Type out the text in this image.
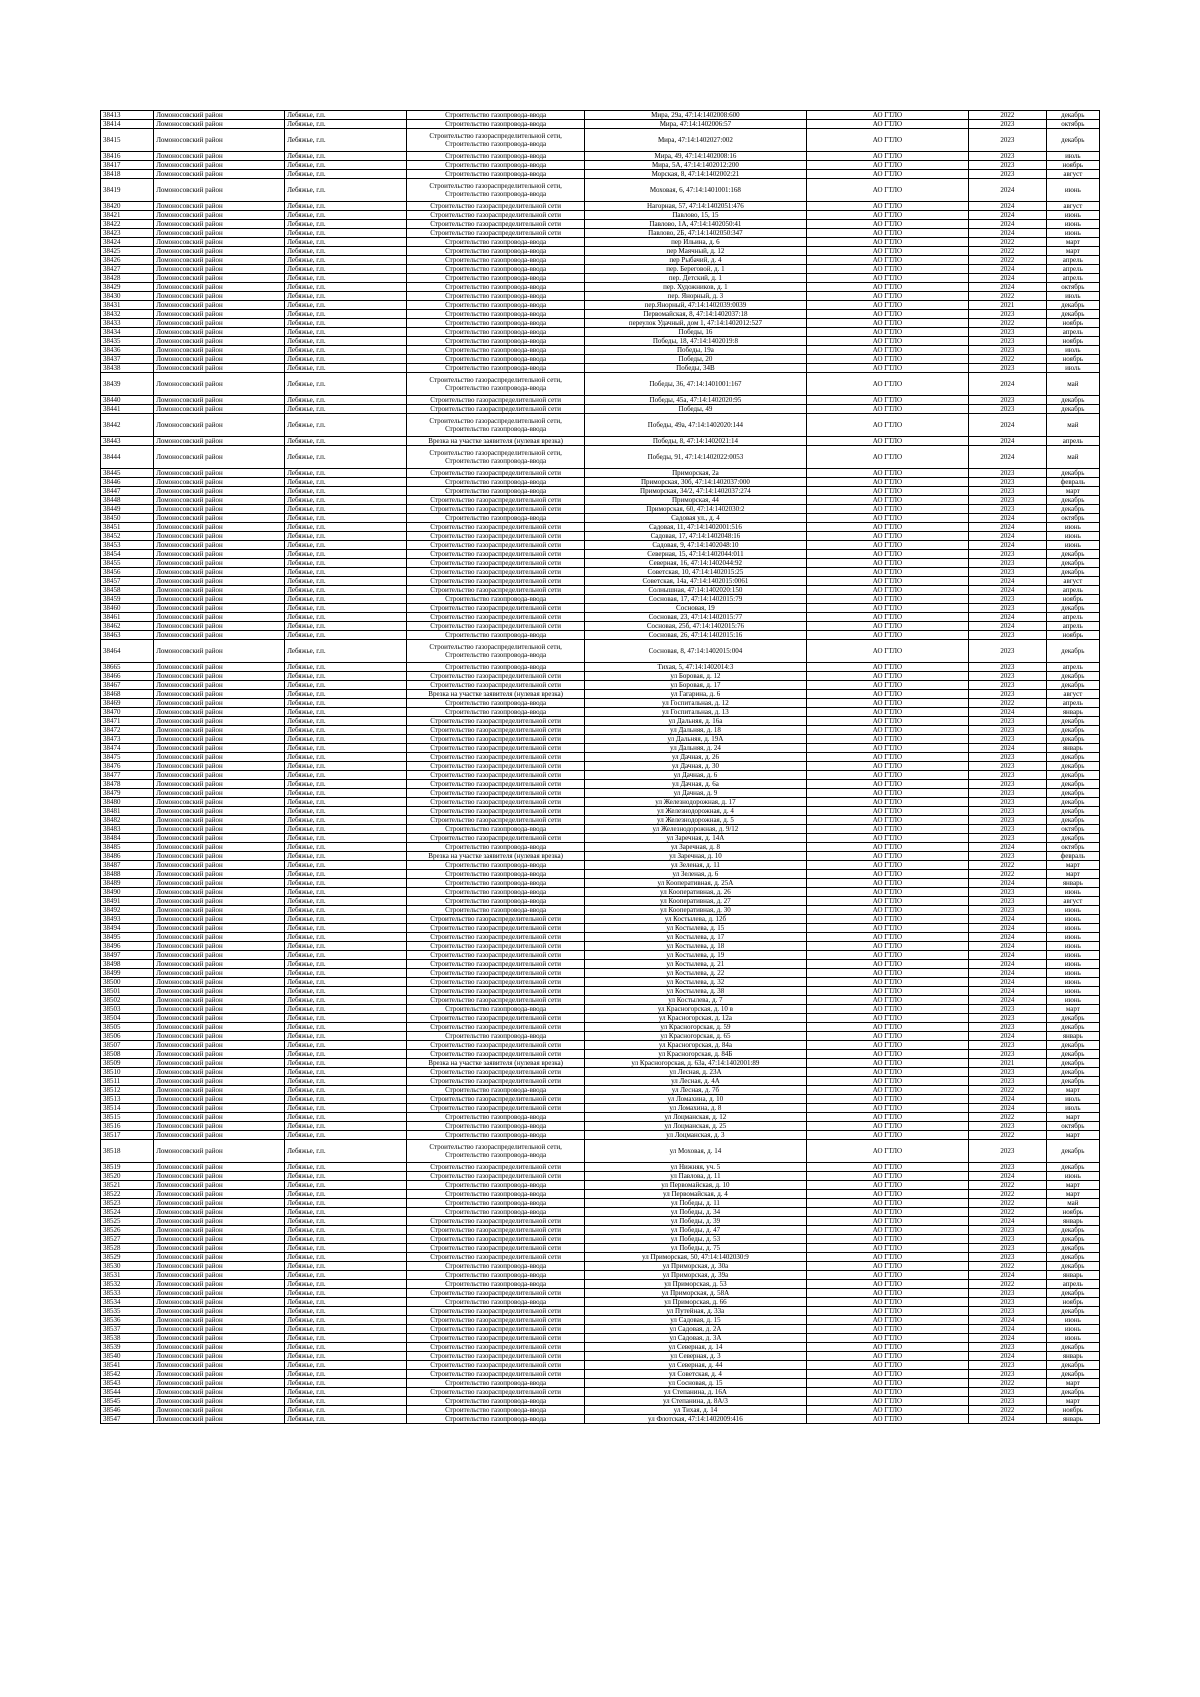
38413	Ломоносовский район	Лебяжье, г.п.	Строительство газопровода-ввода	Мира, 29а, 47:14:1402008:600	АО ГТЛО	2022	декабрь
38414	Ломоносовский район	Лебяжье, г.п.	Строительство газопровода-ввода	Мира, 47:14:1402006:57	АО ГТЛО	2023	октябрь
38415	Ломоносовский район	Лебяжье, г.п.	Строительство газораспределительной сети, Строительство газопровода-ввода	Мира, 47:14:1402027:002	АО ГТЛО	2023	декабрь
38416	Ломоносовский район	Лебяжье, г.п.	Строительство газопровода-ввода	Мира, 49, 47:14:1402008:16	АО ГТЛО	2023	июль
38417	Ломоносовский район	Лебяжье, г.п.	Строительство газопровода-ввода	Мира, 5А, 47:14:1402012:200	АО ГТЛО	2023	ноябрь
38418	Ломоносовский район	Лебяжье, г.п.	Строительство газопровода-ввода	Морская, 8, 47:14:1402002:21	АО ГТЛО	2023	август
38419	Ломоносовский район	Лебяжье, г.п.	Строительство газораспределительной сети, Строительство газопровода-ввода	Моховая, 6, 47:14:1401001:168	АО ГТЛО	2024	июнь
38420	Ломоносовский район	Лебяжье, г.п.	Строительство газораспределительной сети	Нагорная, 57, 47:14:1402051:476	АО ГТЛО	2024	август
38421	Ломоносовский район	Лебяжье, г.п.	Строительство газораспределительной сети	Павлово, 15, 15	АО ГТЛО	2024	июнь
38422	Ломоносовский район	Лебяжье, г.п.	Строительство газораспределительной сети	Павлово, 1А, 47:14:1402050:41	АО ГТЛО	2024	июнь
38423	Ломоносовский район	Лебяжье, г.п.	Строительство газораспределительной сети	Павлово, 2Б, 47:14:1402050:347	АО ГТЛО	2024	июнь
38424	Ломоносовский район	Лебяжье, г.п.	Строительство газопровода-ввода	пер Ильина, д. 6	АО ГТЛО	2022	март
38425	Ломоносовский район	Лебяжье, г.п.	Строительство газопровода-ввода	пер Маячный, д. 12	АО ГТЛО	2022	март
38426	Ломоносовский район	Лебяжье, г.п.	Строительство газопровода-ввода	пер Рыбачий, д. 4	АО ГТЛО	2022	апрель
38427	Ломоносовский район	Лебяжье, г.п.	Строительство газопровода-ввода	пер. Береговой, д. 1	АО ГТЛО	2024	апрель
38428	Ломоносовский район	Лебяжье, г.п.	Строительство газопровода-ввода	пер. Детский, д. 1	АО ГТЛО	2024	апрель
38429	Ломоносовский район	Лебяжье, г.п.	Строительство газопровода-ввода	пер. Художников, д. 1	АО ГТЛО	2024	октябрь
38430	Ломоносовский район	Лебяжье, г.п.	Строительство газопровода-ввода	пер. Янорный, д. 3	АО ГТЛО	2022	июль
38431	Ломоносовский район	Лебяжье, г.п.	Строительство газопровода-ввода	пер.Янорный, 47:14:1402039:0039	АО ГТЛО	2021	декабрь
38432	Ломоносовский район	Лебяжье, г.п.	Строительство газопровода-ввода	Первомайская, 8, 47:14:1402037:18	АО ГТЛО	2023	декабрь
38433	Ломоносовский район	Лебяжье, г.п.	Строительство газопровода-ввода	переулок Удачный, дом 1, 47:14:1402012:527	АО ГТЛО	2022	ноябрь
38434	Ломоносовский район	Лебяжье, г.п.	Строительство газопровода-ввода	Победы, 16	АО ГТЛО	2023	апрель
38435	Ломоносовский район	Лебяжье, г.п.	Строительство газопровода-ввода	Победы, 18, 47:14:1402019:8	АО ГТЛО	2023	ноябрь
38436	Ломоносовский район	Лебяжье, г.п.	Строительство газопровода-ввода	Победы, 19а	АО ГТЛО	2023	июль
38437	Ломоносовский район	Лебяжье, г.п.	Строительство газопровода-ввода	Победы, 20	АО ГТЛО	2022	ноябрь
38438	Ломоносовский район	Лебяжье, г.п.	Строительство газопровода-ввода	Победы, 34В	АО ГТЛО	2023	июль
38439	Ломоносовский район	Лебяжье, г.п.	Строительство газораспределительной сети, Строительство газопровода-ввода	Победы, 36, 47:14:1401001:167	АО ГТЛО	2024	май
38440	Ломоносовский район	Лебяжье, г.п.	Строительство газораспределительной сети	Победы, 45а, 47:14:1402020:95	АО ГТЛО	2023	декабрь
38441	Ломоносовский район	Лебяжье, г.п.	Строительство газораспределительной сети	Победы, 49	АО ГТЛО	2023	декабрь
38442	Ломоносовский район	Лебяжье, г.п.	Строительство газораспределительной сети, Строительство газопровода-ввода	Победы, 49а, 47:14:1402020:144	АО ГТЛО	2024	май
38443	Ломоносовский район	Лебяжье, г.п.	Врезка на участке заявителя (нулевая врезка)	Победы, 8, 47:14:1402021:14	АО ГТЛО	2024	апрель
38444	Ломоносовский район	Лебяжье, г.п.	Строительство газораспределительной сети, Строительство газопровода-ввода	Победы, 91, 47:14:1402022:0053	АО ГТЛО	2024	май
38445	Ломоносовский район	Лебяжье, г.п.	Строительство газораспределительной сети	Приморская, 2а	АО ГТЛО	2023	декабрь
38446	Ломоносовский район	Лебяжье, г.п.	Строительство газопровода-ввода	Приморская, 30б, 47:14:1402037:000	АО ГТЛО	2023	февраль
38447	Ломоносовский район	Лебяжье, г.п.	Строительство газопровода-ввода	Приморская, 34/2, 47:14:1402037:274	АО ГТЛО	2023	март
38448	Ломоносовский район	Лебяжье, г.п.	Строительство газораспределительной сети	Приморская, 44	АО ГТЛО	2023	декабрь
38449	Ломоносовский район	Лебяжье, г.п.	Строительство газораспределительной сети	Приморская, 60, 47:14:1402030:2	АО ГТЛО	2023	декабрь
38450	Ломоносовский район	Лебяжье, г.п.	Строительство газопровода-ввода	Садовая ул., д. 4	АО ГТЛО	2024	октябрь
38451	Ломоносовский район	Лебяжье, г.п.	Строительство газораспределительной сети	Садовая, 11, 47:14:1402001:516	АО ГТЛО	2024	июнь
38452	Ломоносовский район	Лебяжье, г.п.	Строительство газораспределительной сети	Садовая, 17, 47:14:1402048:16	АО ГТЛО	2024	июнь
38453	Ломоносовский район	Лебяжье, г.п.	Строительство газораспределительной сети	Садовая, 9, 47:14:1402048:10	АО ГТЛО	2024	июнь
38454	Ломоносовский район	Лебяжье, г.п.	Строительство газораспределительной сети	Северная, 15, 47:14:1402044:011	АО ГТЛО	2023	декабрь
38455	Ломоносовский район	Лебяжье, г.п.	Строительство газораспределительной сети	Северная, 16, 47:14:1402044:92	АО ГТЛО	2023	декабрь
38456	Ломоносовский район	Лебяжье, г.п.	Строительство газораспределительной сети	Советская, 10, 47:14:1402015:25	АО ГТЛО	2023	декабрь
38457	Ломоносовский район	Лебяжье, г.п.	Строительство газораспределительной сети	Советская, 14а, 47:14:1402015:0061	АО ГТЛО	2024	август
38458	Ломоносовский район	Лебяжье, г.п.	Строительство газораспределительной сети	Солнышная, 47:14:1402020:150	АО ГТЛО	2024	апрель
38459	Ломоносовский район	Лебяжье, г.п.	Строительство газопровода-ввода	Сосновая, 17, 47:14:1402015:79	АО ГТЛО	2023	ноябрь
38460	Ломоносовский район	Лебяжье, г.п.	Строительство газораспределительной сети	Сосновая, 19	АО ГТЛО	2023	декабрь
38461	Ломоносовский район	Лебяжье, г.п.	Строительство газораспределительной сети	Сосновая, 23, 47:14:1402015:77	АО ГТЛО	2024	апрель
38462	Ломоносовский район	Лебяжье, г.п.	Строительство газораспределительной сети	Сосновая, 25б, 47:14:1402015:76	АО ГТЛО	2024	апрель
38463	Ломоносовский район	Лебяжье, г.п.	Строительство газопровода-ввода	Сосновая, 26, 47:14:1402015:16	АО ГТЛО	2023	ноябрь
38464	Ломоносовский район	Лебяжье, г.п.	Строительство газораспределительной сети, Строительство газопровода-ввода	Сосновая, 8, 47:14:1402015:004	АО ГТЛО	2023	декабрь
38665	Ломоносовский район	Лебяжье, г.п.	Строительство газопровода-ввода	Тихая, 5, 47:14:1402014:3	АО ГТЛО	2023	апрель
38466	Ломоносовский район	Лебяжье, г.п.	Строительство газораспределительной сети	ул Боровая, д. 12	АО ГТЛО	2023	декабрь
38467	Ломоносовский район	Лебяжье, г.п.	Строительство газораспределительной сети	ул Боровая, д. 17	АО ГТЛО	2023	декабрь
38468	Ломоносовский район	Лебяжье, г.п.	Врезка на участке заявителя (нулевая врезка)	ул Гагарина, д. 6	АО ГТЛО	2023	август
38469	Ломоносовский район	Лебяжье, г.п.	Строительство газопровода-ввода	ул Госпитальная, д. 12	АО ГТЛО	2022	апрель
38470	Ломоносовский район	Лебяжье, г.п.	Строительство газопровода-ввода	ул Госпитальная, д. 13	АО ГТЛО	2024	январь
38471	Ломоносовский район	Лебяжье, г.п.	Строительство газораспределительной сети	ул Дальняя, д. 16а	АО ГТЛО	2023	декабрь
38472	Ломоносовский район	Лебяжье, г.п.	Строительство газораспределительной сети	ул Дальняя, д. 18	АО ГТЛО	2023	декабрь
38473	Ломоносовский район	Лебяжье, г.п.	Строительство газораспределительной сети	ул Дальняя, д. 19А	АО ГТЛО	2023	декабрь
38474	Ломоносовский район	Лебяжье, г.п.	Строительство газораспределительной сети	ул Дальняя, д. 24	АО ГТЛО	2024	январь
38475	Ломоносовский район	Лебяжье, г.п.	Строительство газораспределительной сети	ул Дачная, д. 26	АО ГТЛО	2023	декабрь
38476	Ломоносовский район	Лебяжье, г.п.	Строительство газораспределительной сети	ул Дачная, д. 30	АО ГТЛО	2023	декабрь
38477	Ломоносовский район	Лебяжье, г.п.	Строительство газораспределительной сети	ул Дачная, д. 6	АО ГТЛО	2023	декабрь
38478	Ломоносовский район	Лебяжье, г.п.	Строительство газораспределительной сети	ул Дачная, д. 6а	АО ГТЛО	2023	декабрь
38479	Ломоносовский район	Лебяжье, г.п.	Строительство газораспределительной сети	ул Дачная, д. 9	АО ГТЛО	2023	декабрь
38480	Ломоносовский район	Лебяжье, г.п.	Строительство газораспределительной сети	ул Железнодорожная, д. 17	АО ГТЛО	2023	декабрь
38481	Ломоносовский район	Лебяжье, г.п.	Строительство газораспределительной сети	ул Железнодорожная, д. 4	АО ГТЛО	2023	декабрь
38482	Ломоносовский район	Лебяжье, г.п.	Строительство газораспределительной сети	ул Железнодорожная, д. 5	АО ГТЛО	2023	декабрь
38483	Ломоносовский район	Лебяжье, г.п.	Строительство газопровода-ввода	ул Железнодорожная, д. 9/12	АО ГТЛО	2023	октябрь
38484	Ломоносовский район	Лебяжье, г.п.	Строительство газораспределительной сети	ул Заречная, д. 14А	АО ГТЛО	2023	декабрь
38485	Ломоносовский район	Лебяжье, г.п.	Строительство газопровода-ввода	ул Заречная, д. 8	АО ГТЛО	2024	октябрь
38486	Ломоносовский район	Лебяжье, г.п.	Врезка на участке заявителя (нулевая врезка)	ул Заречная, д. 10	АО ГТЛО	2023	февраль
38487	Ломоносовский район	Лебяжье, г.п.	Строительство газопровода-ввода	ул Зеленая, д. 11	АО ГТЛО	2022	март
38488	Ломоносовский район	Лебяжье, г.п.	Строительство газопровода-ввода	ул Зеленая, д. 6	АО ГТЛО	2022	март
38489	Ломоносовский район	Лебяжье, г.п.	Строительство газопровода-ввода	ул Кооперативная, д. 25А	АО ГТЛО	2024	январь
38490	Ломоносовский район	Лебяжье, г.п.	Строительство газопровода-ввода	ул Кооперативная, д. 26	АО ГТЛО	2023	июнь
38491	Ломоносовский район	Лебяжье, г.п.	Строительство газопровода-ввода	ул Кооперативная, д. 27	АО ГТЛО	2023	август
38492	Ломоносовский район	Лебяжье, г.п.	Строительство газопровода-ввода	ул Кооперативная, д. 30	АО ГТЛО	2023	июнь
38493	Ломоносовский район	Лебяжье, г.п.	Строительство газораспределительной сети	ул Костылева, д. 12б	АО ГТЛО	2024	июнь
38494	Ломоносовский район	Лебяжье, г.п.	Строительство газораспределительной сети	ул Костылева, д. 15	АО ГТЛО	2024	июнь
38495	Ломоносовский район	Лебяжье, г.п.	Строительство газораспределительной сети	ул Костылева, д. 17	АО ГТЛО	2024	июнь
38496	Ломоносовский район	Лебяжье, г.п.	Строительство газораспределительной сети	ул Костылева, д. 18	АО ГТЛО	2024	июнь
38497	Ломоносовский район	Лебяжье, г.п.	Строительство газораспределительной сети	ул Костылева, д. 19	АО ГТЛО	2024	июнь
38498	Ломоносовский район	Лебяжье, г.п.	Строительство газораспределительной сети	ул Костылева, д. 21	АО ГТЛО	2024	июнь
38499	Ломоносовский район	Лебяжье, г.п.	Строительство газораспределительной сети	ул Костылева, д. 22	АО ГТЛО	2024	июнь
38500	Ломоносовский район	Лебяжье, г.п.	Строительство газораспределительной сети	ул Костылева, д. 32	АО ГТЛО	2024	июнь
38501	Ломоносовский район	Лебяжье, г.п.	Строительство газораспределительной сети	ул Костылева, д. 38	АО ГТЛО	2024	июнь
38502	Ломоносовский район	Лебяжье, г.п.	Строительство газораспределительной сети	ул Костылева, д. 7	АО ГТЛО	2024	июнь
38503	Ломоносовский район	Лебяжье, г.п.	Строительство газопровода-ввода	ул Красногорская, д. 10 в	АО ГТЛО	2023	март
38504	Ломоносовский район	Лебяжье, г.п.	Строительство газораспределительной сети	ул Красногорская, д. 12а	АО ГТЛО	2023	декабрь
38505	Ломоносовский район	Лебяжье, г.п.	Строительство газораспределительной сети	ул Красногорская, д. 59	АО ГТЛО	2023	декабрь
38506	Ломоносовский район	Лебяжье, г.п.	Строительство газопровода-ввода	ул Красногорская, д. 65	АО ГТЛО	2024	январь
38507	Ломоносовский район	Лебяжье, г.п.	Строительство газораспределительной сети	ул Красногорская, д. 84а	АО ГТЛО	2023	декабрь
38508	Ломоносовский район	Лебяжье, г.п.	Строительство газораспределительной сети	ул Красногорская, д. 84Б	АО ГТЛО	2023	декабрь
38509	Ломоносовский район	Лебяжье, г.п.	Врезка на участке заявителя (нулевая врезка)	ул Красногорская, д. 63а, 47:14:1402001:89	АО ГТЛО	2021	декабрь
38510	Ломоносовский район	Лебяжье, г.п.	Строительство газораспределительной сети	ул Лесная, д. 23А	АО ГТЛО	2023	декабрь
38511	Ломоносовский район	Лебяжье, г.п.	Строительство газораспределительной сети	ул Лесная, д. 4А	АО ГТЛО	2023	декабрь
38512	Ломоносовский район	Лебяжье, г.п.	Строительство газопровода-ввода	ул Лесная, д. 7б	АО ГТЛО	2022	март
38513	Ломоносовский район	Лебяжье, г.п.	Строительство газораспределительной сети	ул Ломахина, д. 10	АО ГТЛО	2024	июль
38514	Ломоносовский район	Лебяжье, г.п.	Строительство газораспределительной сети	ул Ломахина, д. 8	АО ГТЛО	2024	июль
38515	Ломоносовский район	Лебяжье, г.п.	Строительство газопровода-ввода	ул Лоцманская, д. 12	АО ГТЛО	2022	март
38516	Ломоносовский район	Лебяжье, г.п.	Строительство газопровода-ввода	ул Лоцманская, д. 25	АО ГТЛО	2023	октябрь
38517	Ломоносовский район	Лебяжье, г.п.	Строительство газопровода-ввода	ул Лоцманская, д. 3	АО ГТЛО	2022	март
38518	Ломоносовский район	Лебяжье, г.п.	Строительство газораспределительной сети, Строительство газопровода-ввода	ул Моховая, д. 14	АО ГТЛО	2023	декабрь
38519	Ломоносовский район	Лебяжье, г.п.	Строительство газораспределительной сети	ул Нижняя, уч. 5	АО ГТЛО	2023	декабрь
38520	Ломоносовский район	Лебяжье, г.п.	Строительство газораспределительной сети	ул Павлова, д. 11	АО ГТЛО	2024	июнь
38521	Ломоносовский район	Лебяжье, г.п.	Строительство газопровода-ввода	ул Первомайская, д. 10	АО ГТЛО	2022	март
38522	Ломоносовский район	Лебяжье, г.п.	Строительство газопровода-ввода	ул Первомайская, д. 4	АО ГТЛО	2022	март
38523	Ломоносовский район	Лебяжье, г.п.	Строительство газопровода-ввода	ул Победы, д. 11	АО ГТЛО	2022	май
38524	Ломоносовский район	Лебяжье, г.п.	Строительство газопровода-ввода	ул Победы, д. 34	АО ГТЛО	2022	ноябрь
38525	Ломоносовский район	Лебяжье, г.п.	Строительство газораспределительной сети	ул Победы, д. 39	АО ГТЛО	2024	январь
38526	Ломоносовский район	Лебяжье, г.п.	Строительство газораспределительной сети	ул Победы, д. 47	АО ГТЛО	2023	декабрь
38527	Ломоносовский район	Лебяжье, г.п.	Строительство газораспределительной сети	ул Победы, д. 53	АО ГТЛО	2023	декабрь
38528	Ломоносовский район	Лебяжье, г.п.	Строительство газораспределительной сети	ул Победы, д. 75	АО ГТЛО	2023	декабрь
38529	Ломоносовский район	Лебяжье, г.п.	Строительство газораспределительной сети	ул Приморская, 50, 47:14:1402030:9	АО ГТЛО	2023	декабрь
38530	Ломоносовский район	Лебяжье, г.п.	Строительство газопровода-ввода	ул Приморская, д. 30а	АО ГТЛО	2022	декабрь
38531	Ломоносовский район	Лебяжье, г.п.	Строительство газопровода-ввода	ул Приморская, д. 39а	АО ГТЛО	2024	январь
38532	Ломоносовский район	Лебяжье, г.п.	Строительство газопровода-ввода	ул Приморская, д. 53	АО ГТЛО	2022	апрель
38533	Ломоносовский район	Лебяжье, г.п.	Строительство газораспределительной сети	ул Приморская, д. 58А	АО ГТЛО	2023	декабрь
38534	Ломоносовский район	Лебяжье, г.п.	Строительство газопровода-ввода	ул Приморская, д. 66	АО ГТЛО	2023	ноябрь
38535	Ломоносовский район	Лебяжье, г.п.	Строительство газораспределительной сети	ул Путейная, д. 33а	АО ГТЛО	2023	декабрь
38536	Ломоносовский район	Лебяжье, г.п.	Строительство газораспределительной сети	ул Садовая, д. 15	АО ГТЛО	2024	июнь
38537	Ломоносовский район	Лебяжье, г.п.	Строительство газораспределительной сети	ул Садовая, д. 2А	АО ГТЛО	2024	июнь
38538	Ломоносовский район	Лебяжье, г.п.	Строительство газораспределительной сети	ул Садовая, д. 3А	АО ГТЛО	2024	июнь
38539	Ломоносовский район	Лебяжье, г.п.	Строительство газораспределительной сети	ул Северная, д. 14	АО ГТЛО	2023	декабрь
38540	Ломоносовский район	Лебяжье, г.п.	Строительство газораспределительной сети	ул Северная, д. 3	АО ГТЛО	2024	январь
38541	Ломоносовский район	Лебяжье, г.п.	Строительство газораспределительной сети	ул Северная, д. 44	АО ГТЛО	2023	декабрь
38542	Ломоносовский район	Лебяжье, г.п.	Строительство газораспределительной сети	ул Советская, д. 4	АО ГТЛО	2023	декабрь
38543	Ломоносовский район	Лебяжье, г.п.	Строительство газопровода-ввода	ул Сосновая, д. 15	АО ГТЛО	2022	март
38544	Ломоносовский район	Лебяжье, г.п.	Строительство газораспределительной сети	ул Степанина, д. 16А	АО ГТЛО	2023	декабрь
38545	Ломоносовский район	Лебяжье, г.п.	Строительство газопровода-ввода	ул Степанина, д. 8А/3	АО ГТЛО	2023	март
38546	Ломоносовский район	Лебяжье, г.п.	Строительство газопровода-ввода	ул Тихая, д. 14	АО ГТЛО	2022	ноябрь
38547	Ломоносовский район	Лебяжье, г.п.	Строительство газопровода-ввода	ул Флотская, 47:14:1402009:416	АО ГТЛО	2024	январь
